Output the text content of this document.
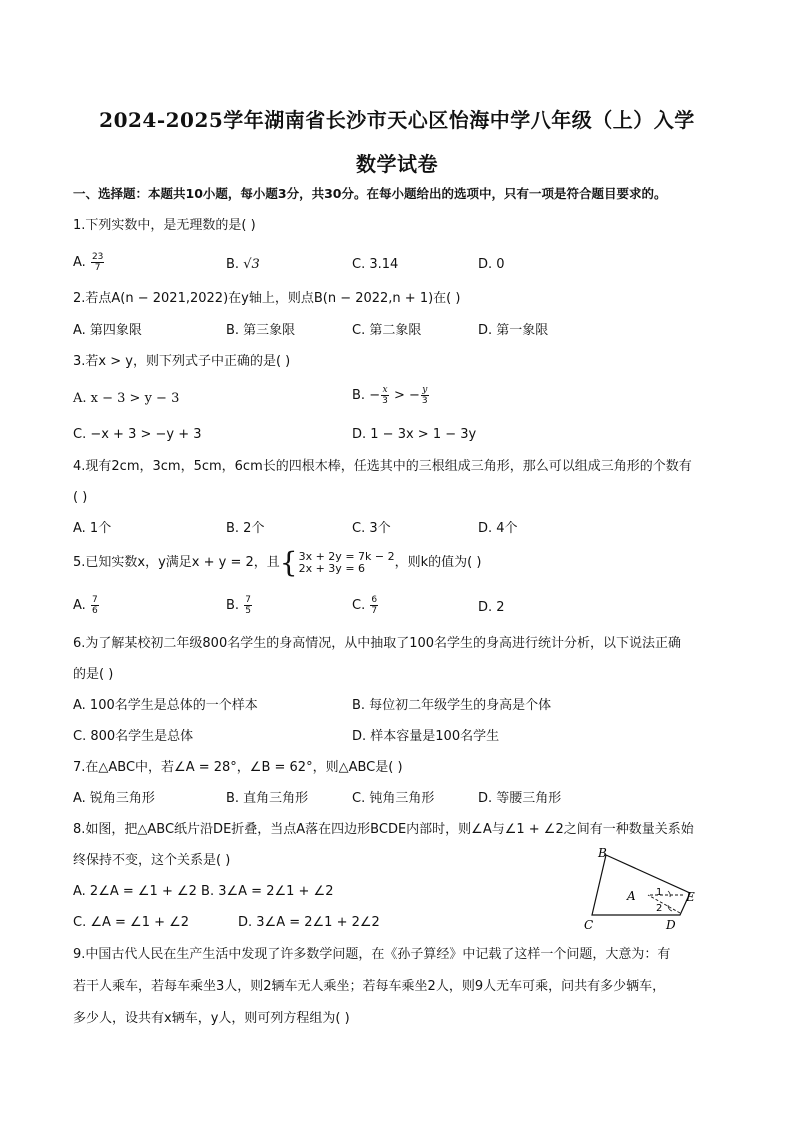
2024-2025学年湖南省长沙市天心区怡海中学八年级（上）入学
数学试卷
一、选择题：本题共10小题，每小题3分，共30分。在每小题给出的选项中，只有一项是符合题目要求的。
1.下列实数中，是无理数的是( )
A. $\frac{23}{7}$	B. √3	C. 3.14	D. 0
2.若点A(n − 2021,2022)在y轴上，则点B(n − 2022,n + 1)在( )
A. 第四象限	B. 第三象限	C. 第二象限	D. 第一象限
3.若x > y，则下列式子中正确的是( )
A. x − 3 > y − 3	B. − $\frac{x}{3}$ > − $\frac{y}{3}$
C. −x + 3 > −y + 3	D. 1 − 3x > 1 − 3y
4.现有2cm，3cm，5cm，6cm长的四根木棒，任选其中的三根组成三角形，那么可以组成三角形的个数有
( )
A. 1个	B. 2个	C. 3个	D. 4个
5.已知实数x，y满足x + y = 2，且 { 3x + 2y = 7k − 2
2x + 3y = 6	，则k的值为( )
A. $\frac{7}{6}$	B. $\frac{7}{5}$	C. $\frac{6}{7}$	D. 2
6.为了解某校初二年级800名学生的身高情况，从中抽取了100名学生的身高进行统计分析，以下说法正确
的是( )
A. 100名学生是总体的一个样本	B. 每位初二年级学生的身高是个体
C. 800名学生是总体	D. 样本容量是100名学生
7.在△ABC中，若∠A = 28°，∠B = 62°，则△ABC是( )
A. 锐角三角形	B. 直角三角形	C. 钝角三角形	D. 等腰三角形
8.如图，把△ABC纸片沿DE折叠，当点A落在四边形BCDE内部时，则∠A与∠1 + ∠2之间有一种数量关系始
终保持不变，这个关系是( )
A. 2∠A = ∠1 + ∠2 B. 3∠A = 2∠1 + ∠2
C. ∠A = ∠1 + ∠2	D. 3∠A = 2∠1 + 2∠2
B
A	E
C	D
1
2
9.中国古代人民在生产生活中发现了许多数学问题，在《孙子算经》中记载了这样一个问题，大意为：有
若干人乘车，若每车乘坐3人，则2辆车无人乘坐；若每车乘坐2人，则9人无车可乘，问共有多少辆车，
多少人，设共有x辆车，y人，则可列方程组为( )
